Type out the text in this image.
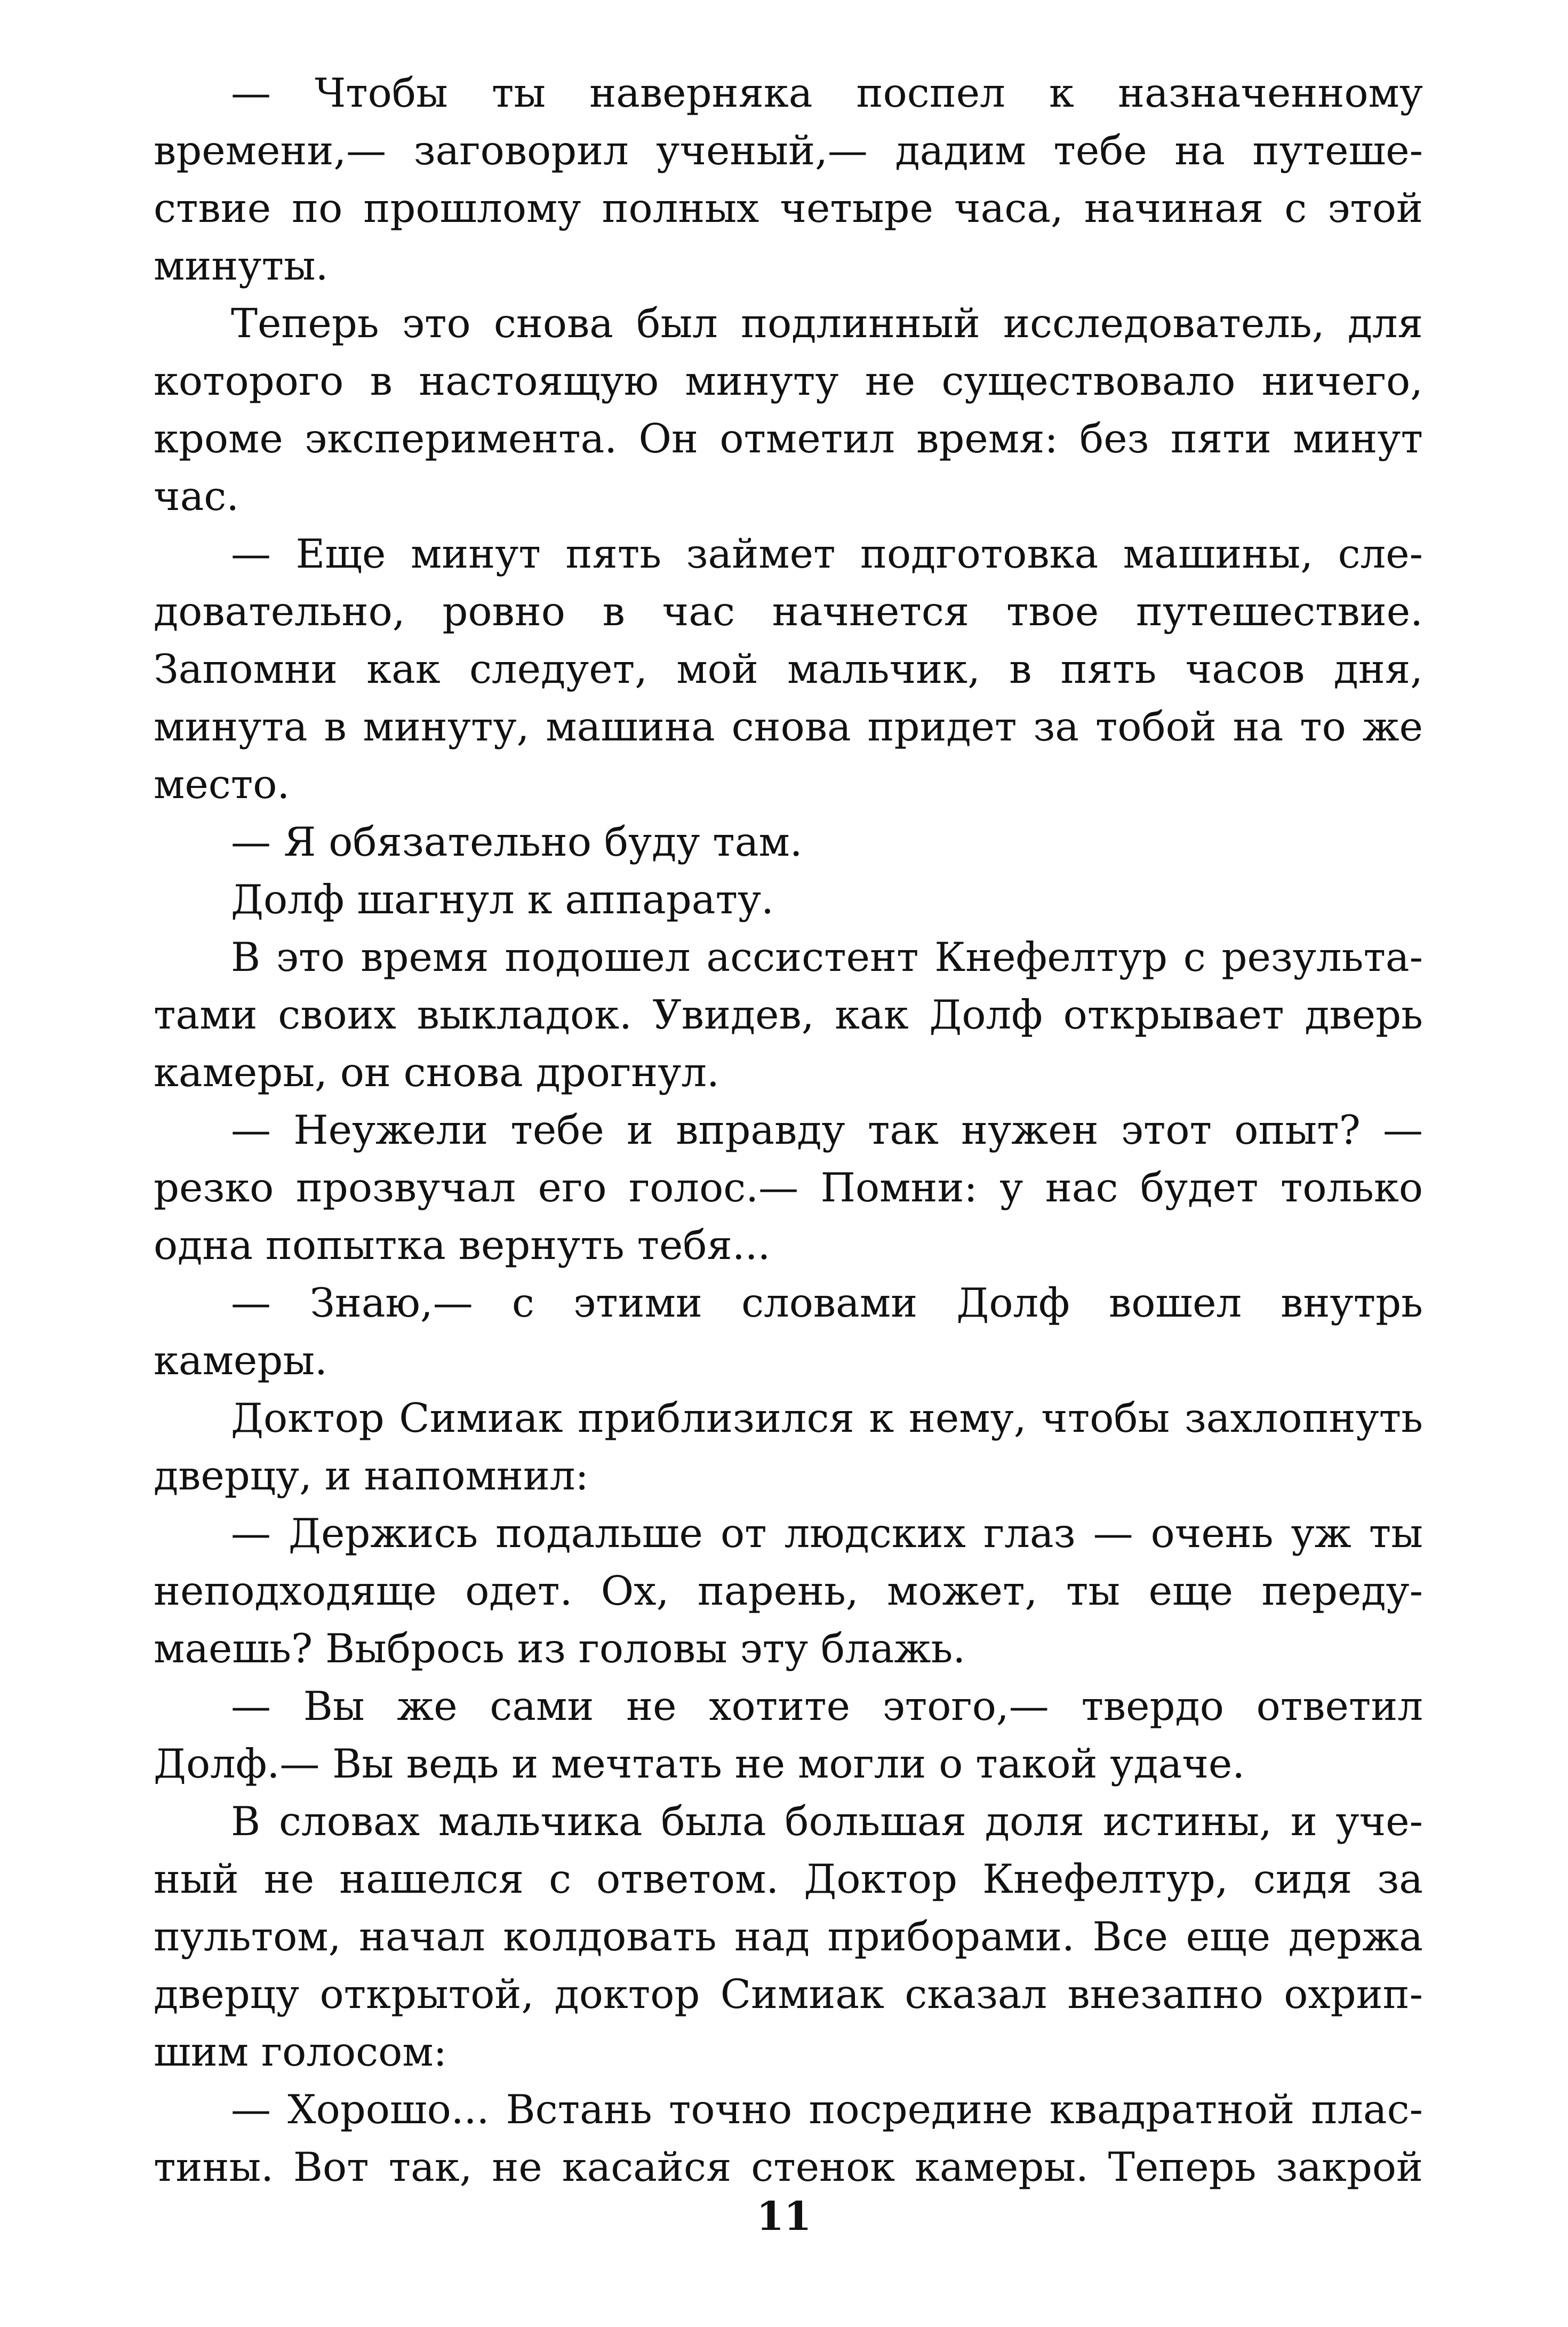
— Чтобы ты наверняка поспел к назначенному
времени,— заговорил ученый,— дадим тебе на путеше-
ствие по прошлому полных четыре часа, начиная с этой
минуты.
Теперь это снова был подлинный исследователь, для
которого в настоящую минуту не существовало ничего,
кроме эксперимента. Он отметил время: без пяти минут
час.
— Еще минут пять займет подготовка машины, сле-
довательно, ровно в час начнется твое путешествие.
Запомни как следует, мой мальчик, в пять часов дня,
минута в минуту, машина снова придет за тобой на то же
место.
— Я обязательно буду там.
Долф шагнул к аппарату.
В это время подошел ассистент Кнефелтур с результа-
тами своих выкладок. Увидев, как Долф открывает дверь
камеры, он снова дрогнул.
— Неужели тебе и вправду так нужен этот опыт? —
резко прозвучал его голос.— Помни: у нас будет только
одна попытка вернуть тебя...
— Знаю,— с этими словами Долф вошел внутрь
камеры.
Доктор Симиак приблизился к нему, чтобы захлопнуть
дверцу, и напомнил:
— Держись подальше от людских глаз — очень уж ты
неподходяще одет. Ох, парень, может, ты еще переду-
маешь? Выбрось из головы эту блажь.
— Вы же сами не хотите этого,— твердо ответил
Долф.— Вы ведь и мечтать не могли о такой удаче.
В словах мальчика была большая доля истины, и уче-
ный не нашелся с ответом. Доктор Кнефелтур, сидя за
пультом, начал колдовать над приборами. Все еще держа
дверцу открытой, доктор Симиак сказал внезапно охрип-
шим голосом:
— Хорошо... Встань точно посредине квадратной плас-
тины. Вот так, не касайся стенок камеры. Теперь закрой
11
